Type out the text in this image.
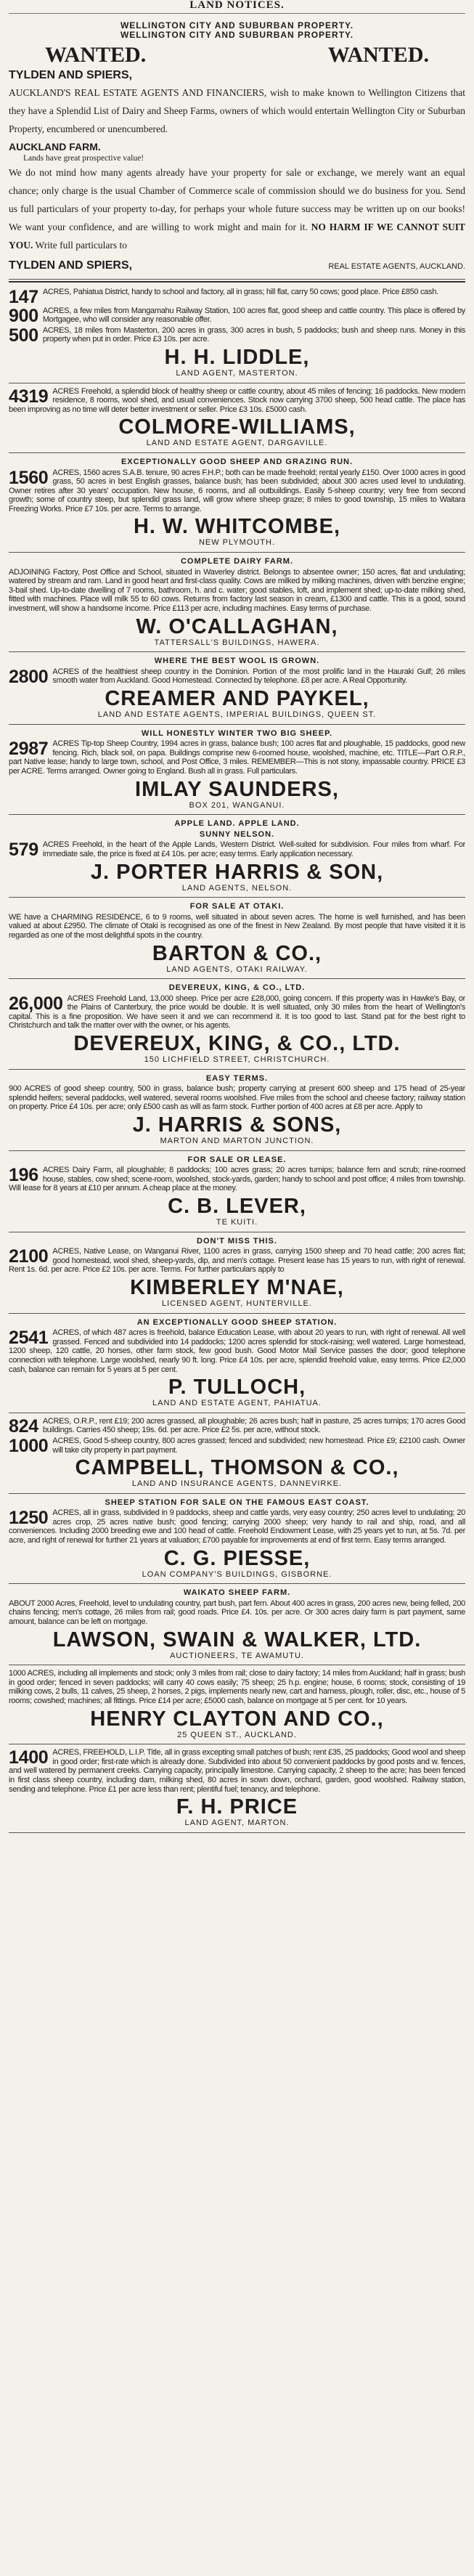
LAND NOTICES.
WELLINGTON CITY AND SUBURBAN PROPERTY.
WELLINGTON CITY AND SUBURBAN PROPERTY.
WANTED.	WANTED.
TYLDEN AND SPIERS,
AUCKLAND'S REAL ESTATE AGENTS AND FINANCIERS, wish to make known to Wellington Citizens that they have a Splendid List of Dairy and Sheep Farms, owners of which would entertain Wellington City or Suburban Property, encumbered or unencumbered.
AUCKLAND FARM.
Lands have great prospective value!
We do not mind how many agents already have your property for sale or exchange, we merely want an equal chance; only charge is the usual Chamber of Commerce scale of commission should we do business for you. Send us full particulars of your property to-day, for perhaps your whole future success may be written up on our books! We want your confidence, and are willing to work might and main for it. NO HARM IF WE CANNOT SUIT YOU. Write full particulars to
TYLDEN AND SPIERS,	REAL ESTATE AGENTS, AUCKLAND.
147 ACRES, Pahiatua District, handy to school and factory, all in grass; hill flat, carry 50 cows; good place. Price £850 cash.
900 ACRES, a few miles from Mangamahu Railway Station, 100 acres flat, good sheep and cattle country. This place is offered by Mortgagee, who will consider any reasonable offer.
500 ACRES, 18 miles from Masterton, 200 acres in grass, 300 acres in bush, 5 paddocks; bush and sheep runs. Money in this property when put in order. Price £3 10s. per acre.
H. H. LIDDLE,
LAND AGENT, MASTERTON.
4319 ACRES Freehold, a splendid block of healthy sheep or cattle country, about 45 miles of fencing; 16 paddocks. New modern residence, 8 rooms, wool shed, and usual conveniences. Stock now carrying 3700 sheep, 500 head cattle. The place has been improving as no time will deter better investment or seller. Price £3 10s. £5000 cash.
COLMORE-WILLIAMS,
LAND AND ESTATE AGENT, DARGAVILLE.
EXCEPTIONALLY GOOD SHEEP AND GRAZING RUN.
1560 ACRES, 1560 acres S.A.B. tenure, 90 acres F.H.P.; both can be made freehold; rental yearly £150. Over 1000 acres in good grass, 50 acres in best English grasses, balance bush; has been subdivided; about 300 acres used level to undulating. Owner retires after 30 years' occupation. New house, 6 rooms, and all outbuildings. Easily 5-sheep country; very free from second growth; some of country steep, but splendid grass land, will grow where sheep graze; 8 miles to good township, 15 miles to Waitara Freezing Works. Price £7 10s. per acre. Terms to arrange.
H. W. WHITCOMBE,
NEW PLYMOUTH.
COMPLETE DAIRY FARM.
ADJOINING Factory, Post Office and School, situated in Waverley district. Belongs to absentee owner; 150 acres, flat and undulating; watered by stream and ram. Land in good heart and first-class quality. Cows are milked by milking machines, driven with benzine engine; 3-bail shed. Up-to-date dwelling of 7 rooms, bathroom, h. and c. water; good stables, loft, and implement shed; up-to-date milking shed, fitted with machines. Place will milk 55 to 60 cows. Returns from factory last season in cream, £1300 and cattle. This is a good, sound investment, will show a handsome income. Price £113 per acre, including machines. Easy terms of purchase.
W. O'CALLAGHAN,
TATTERSALL'S BUILDINGS, HAWERA.
WHERE THE BEST WOOL IS GROWN.
2800 ACRES of the healthiest sheep country in the Dominion. Portion of the most prolific land in the Hauraki Gulf; 26 miles smooth water from Auckland. Good Homestead. Connected by telephone. £8 per acre. A Real Opportunity.
CREAMER AND PAYKEL,
LAND AND ESTATE AGENTS, IMPERIAL BUILDINGS, QUEEN ST.
WILL HONESTLY WINTER TWO BIG SHEEP.
2987 ACRES Tip-top Sheep Country, 1994 acres in grass, balance bush; 100 acres flat and ploughable, 15 paddocks, good new fencing. Rich, black soil, on papa. Buildings comprise new 6-roomed house, woolshed, machine, etc. TITLE—Part O.R.P., part Native lease; handy to large town, school, and Post Office, 3 miles. REMEMBER—This is not stony, impassable country. PRICE £3 per ACRE. Terms arranged. Owner going to England. Bush all in grass. Full particulars.
IMLAY SAUNDERS,
BOX 201, WANGANUI.
APPLE LAND. APPLE LAND.
SUNNY NELSON.
579 ACRES Freehold, in the heart of the Apple Lands, Western District. Well-suited for subdivision. Four miles from wharf. For immediate sale, the price is fixed at £4 10s. per acre; easy terms. Early application necessary.
J. PORTER HARRIS & SON,
LAND AGENTS, NELSON.
FOR SALE AT OTAKI.
WE have a CHARMING RESIDENCE, 6 to 9 rooms, well situated in about seven acres. The home is well furnished, and has been valued at about £2950. The climate of Otaki is recognised as one of the finest in New Zealand. By most people that have visited it it is regarded as one of the most delightful spots in the country.
BARTON & CO.,
LAND AGENTS, OTAKI RAILWAY.
DEVEREUX, KING, & CO., LTD.
26,000 ACRES Freehold Land, 13,000 sheep. Price per acre £28,000, going concern. If this property was in Hawke's Bay, or the Plains of Canterbury, the price would be double. It is well situated, only 30 miles from the heart of Wellington's capital. This is a fine proposition. We have seen it and we can recommend it. It is too good to last. Stand pat for the best right to Christchurch and talk the matter over with the owner, or his agents.
DEVEREUX, KING, & CO., LTD.
150 LICHFIELD STREET, CHRISTCHURCH.
EASY TERMS.
900 ACRES of good sheep country, 500 in grass, balance bush; property carrying at present 600 sheep and 175 head of 25-year splendid heifers; several paddocks, well watered, several rooms woolshed. Five miles from the school and cheese factory; railway station on property. Price £4 10s. per acre; only £500 cash as will as farm stock. Further portion of 400 acres at £8 per acre. Apply to
J. HARRIS & SONS,
MARTON AND MARTON JUNCTION.
FOR SALE OR LEASE.
196 ACRES Dairy Farm, all ploughable; 8 paddocks; 100 acres grass; 20 acres turnips; balance fern and scrub; nine-roomed house, stables, cow shed; scene-room, woolshed, stock-yards, garden; handy to school and post office; 4 miles from township. Will lease for 8 years at £10 per annum. A cheap place at the money.
C. B. LEVER,
TE KUITI.
DON'T MISS THIS.
2100 ACRES, Native Lease, on Wanganui River, 1100 acres in grass, carrying 1500 sheep and 70 head cattle; 200 acres flat; good homestead, wool shed, sheep-yards, dip, and men's cottage. Present lease has 15 years to run, with right of renewal. Rent 1s. 6d. per acre. Price £2 10s. per acre. Terms. For further particulars apply to
KIMBERLEY M'NAE,
LICENSED AGENT, HUNTERVILLE.
AN EXCEPTIONALLY GOOD SHEEP STATION.
2541 ACRES, of which 487 acres is freehold, balance Education Lease, with about 20 years to run, with right of renewal. All well grassed. Fenced and subdivided into 14 paddocks; 1200 acres splendid for stock-raising; well watered. Large homestead, 1200 sheep, 120 cattle, 20 horses, other farm stock, few good bush. Good Motor Mail Service passes the door; good telephone connection with telephone. Large woolshed, nearly 90 ft. long. Price £4 10s. per acre, splendid freehold value, easy terms. Price £2,000 cash, balance can remain for 5 years at 5 per cent.
P. TULLOCH,
LAND AND ESTATE AGENT, PAHIATUA.
824 ACRES, O.R.P., rent £19; 200 acres grassed, all ploughable; 26 acres bush; half in pasture, 25 acres turnips; 170 acres Good buildings. Carries 450 sheep; 19s. 6d. per acre. Price £2 5s. per acre, without stock.
1000 ACRES, Good 5-sheep country, 800 acres grassed; fenced and subdivided; new homestead. Price £9; £2100 cash. Owner will take city property in part payment.
CAMPBELL, THOMSON & CO.,
LAND AND INSURANCE AGENTS, DANNEVIRKE.
SHEEP STATION FOR SALE ON THE FAMOUS EAST COAST.
1250 ACRES, all in grass, subdivided in 9 paddocks, sheep and cattle yards, very easy country; 250 acres level to undulating; 20 acres crop, 25 acres native bush; good fencing; carrying 2000 sheep; very handy to rail and ship, road, and all conveniences. Including 2000 breeding ewe and 100 head of cattle. Freehold Endowment Lease, with 25 years yet to run, at 5s. 7d. per acre, and right of renewal for further 21 years at valuation; £700 payable for improvements at end of first term. Easy terms arranged.
C. G. PIESSE,
LOAN COMPANY'S BUILDINGS, GISBORNE.
WAIKATO SHEEP FARM.
ABOUT 2000 Acres, Freehold, level to undulating country, part bush, part fern. About 400 acres in grass, 200 acres new, being felled, 200 chains fencing; men's cottage, 26 miles from rail; good roads. Price £4. 10s. per acre. Or 300 acres dairy farm is part payment, same amount, balance can be left on mortgage.
LAWSON, SWAIN & WALKER, LTD.
AUCTIONEERS, TE AWAMUTU.
1000 ACRES, including all implements and stock; only 3 miles from rail; close to dairy factory; 14 miles from Auckland; half in grass; bush in good order; fenced in seven paddocks; will carry 40 cows easily; 75 sheep; 25 h.p. engine; house, 6 rooms; stock, consisting of 19 milking cows, 2 bulls, 11 calves, 25 sheep, 2 horses, 2 pigs, implements nearly new, cart and harness, plough, roller, disc, etc., house of 5 rooms; cowshed; machines; all fittings. Price £14 per acre; £5000 cash, balance on mortgage at 5 per cent. for 10 years.
HENRY CLAYTON AND CO.,
25 QUEEN ST., AUCKLAND.
1400 ACRES, FREEHOLD, L.I.P. Title, all in grass excepting small patches of bush; rent £35, 25 paddocks; Good wool and sheep in good order; first-rate which is already done. Subdivided into about 50 convenient paddocks by good posts and w. fences, and well watered by permanent creeks. Carrying capacity, principally limestone. Carrying capacity, 2 sheep to the acre; has been fenced in first class sheep country, including dam, milking shed, 80 acres in sown down, orchard, garden, good woolshed. Railway station, sending and telephone. Price £1 per acre less than rent; plentiful fuel; tenancy, and telephone.
F. H. PRICE
LAND AGENT, MARTON.
